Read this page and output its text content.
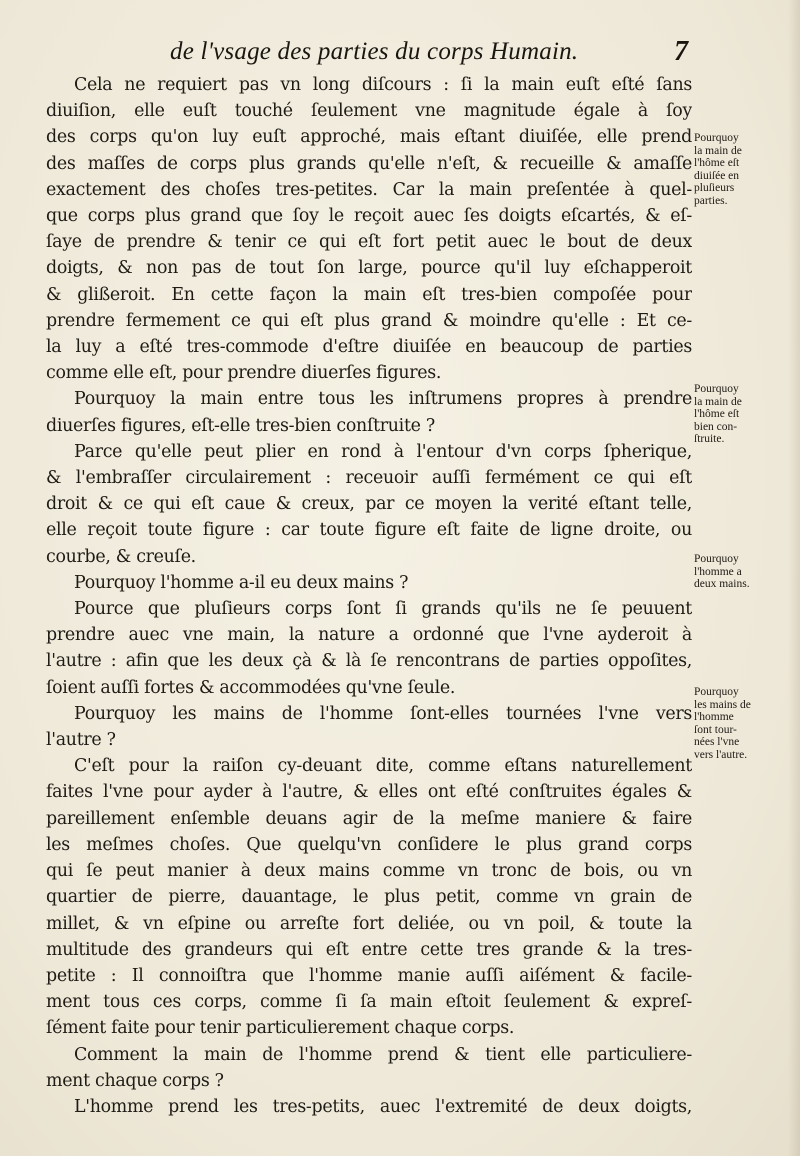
de l'vsage des parties du corps Humain.	7
Cela ne requiert pas vn long diſcours : ſi la main euſt eſté ſans
diuiſion, elle euſt touché ſeulement vne magnitude égale à ſoy
des corps qu'on luy euſt approché, mais eſtant diuiſée, elle prend
des maſſes de corps plus grands qu'elle n'eſt, & recueille & amaſſe
exactement des choſes tres-petites. Car la main preſentée à quel-
que corps plus grand que ſoy le reçoit auec ſes doigts eſcartés, & eſ-
ſaye de prendre & tenir ce qui eſt fort petit auec le bout de deux
doigts, & non pas de tout ſon large, pource qu'il luy eſchapperoit
& glißeroit. En cette façon la main eſt tres-bien compoſée pour
prendre fermement ce qui eſt plus grand & moindre qu'elle : Et ce-
la luy a eſté tres-commode d'eſtre diuiſée en beaucoup de parties
comme elle eſt, pour prendre diuerſes figures.
Pourquoy la main entre tous les inſtrumens propres à prendre
diuerſes figures, eſt-elle tres-bien conſtruite ?
Parce qu'elle peut plier en rond à l'entour d'vn corps ſpherique,
& l'embraſſer circulairement : receuoir auſſi fermément ce qui eſt
droit & ce qui eſt caue & creux, par ce moyen la verité eſtant telle,
elle reçoit toute figure : car toute figure eſt faite de ligne droite, ou
courbe, & creuſe.
Pourquoy l'homme a-il eu deux mains ?
Pource que pluſieurs corps ſont ſi grands qu'ils ne ſe peuuent
prendre auec vne main, la nature a ordonné que l'vne ayderoit à
l'autre : afin que les deux çà & là ſe rencontrans de parties oppoſites,
ſoient auſſi fortes & accommodées qu'vne ſeule.
Pourquoy les mains de l'homme ſont-elles tournées l'vne vers
l'autre ?
C'eſt pour la raiſon cy-deuant dite, comme eſtans naturellement
faites l'vne pour ayder à l'autre, & elles ont eſté conſtruites égales &
pareillement enſemble deuans agir de la meſme maniere & faire
les meſmes choſes. Que quelqu'vn conſidere le plus grand corps
qui ſe peut manier à deux mains comme vn tronc de bois, ou vn
quartier de pierre, dauantage, le plus petit, comme vn grain de
millet, & vn eſpine ou arreſte fort deliée, ou vn poil, & toute la
multitude des grandeurs qui eſt entre cette tres grande & la tres-
petite : Il connoiſtra que l'homme manie auſſi aiſément & facile-
ment tous ces corps, comme ſi ſa main eſtoit ſeulement & expreſ-
ſément faite pour tenir particulierement chaque corps.
Comment la main de l'homme prend & tient elle particuliere-
ment chaque corps ?
L'homme prend les tres-petits, auec l'extremité de deux doigts,
Pourquoy
la main de
l'hôme eſt
diuiſée en
pluſieurs
parties.
Pourquoy
la main de
l'hôme eſt
bien con-
ſtruite.
Pourquoy
l'homme a
deux mains.
Pourquoy
les mains de
l'homme
ſont tour-
nées l'vne
vers l'autre.
